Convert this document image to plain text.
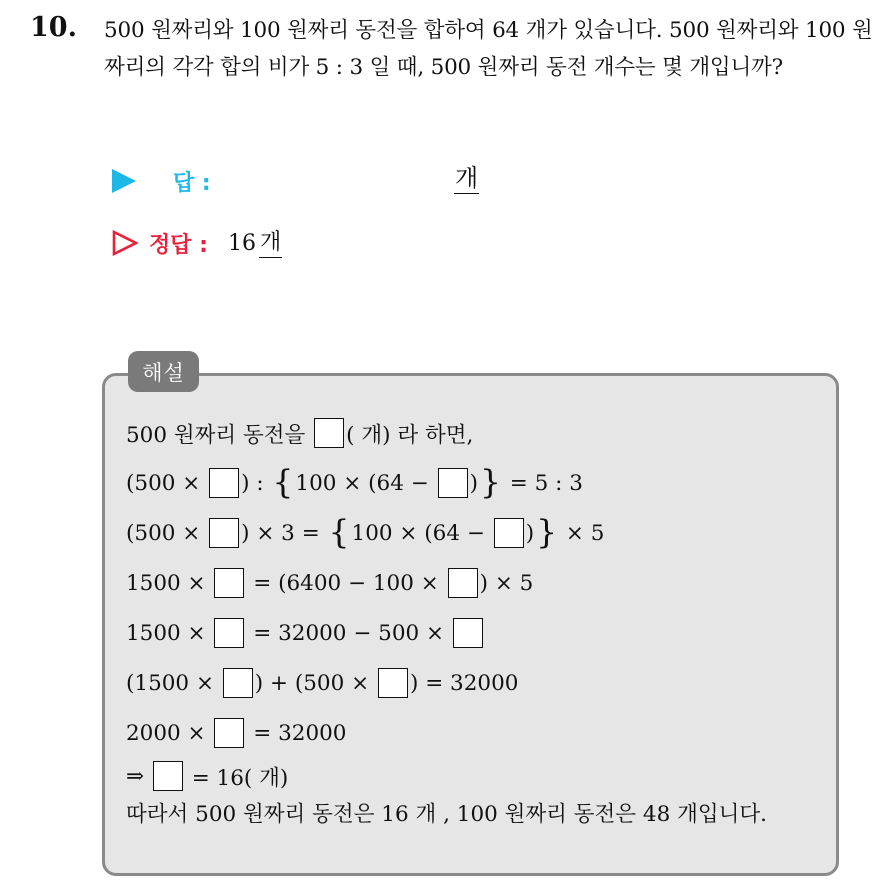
10. 500 원짜리와 100 원짜리 동전을 합하여 64 개가 있습니다. 500 원짜리와 100 원짜리의 각각 합의 비가 5 : 3 일 때, 500 원짜리 동전 개수는 몇 개입니까?
답 :	개
정답 : 16 개
해설
500 원짜리 동전을 ( 개) 라 하면,
(500 × ) : { 100 × (64 − ) } = 5 : 3
(500 × ) × 3 = { 100 × (64 − ) } × 5
1500 × = (6400 − 100 × ) × 5
1500 × = 32000 − 500 ×
(1500 × ) + (500 × ) = 32000
2000 × = 32000
⇒ = 16( 개)
따라서 500 원짜리 동전은 16 개 , 100 원짜리 동전은 48 개입니다.
